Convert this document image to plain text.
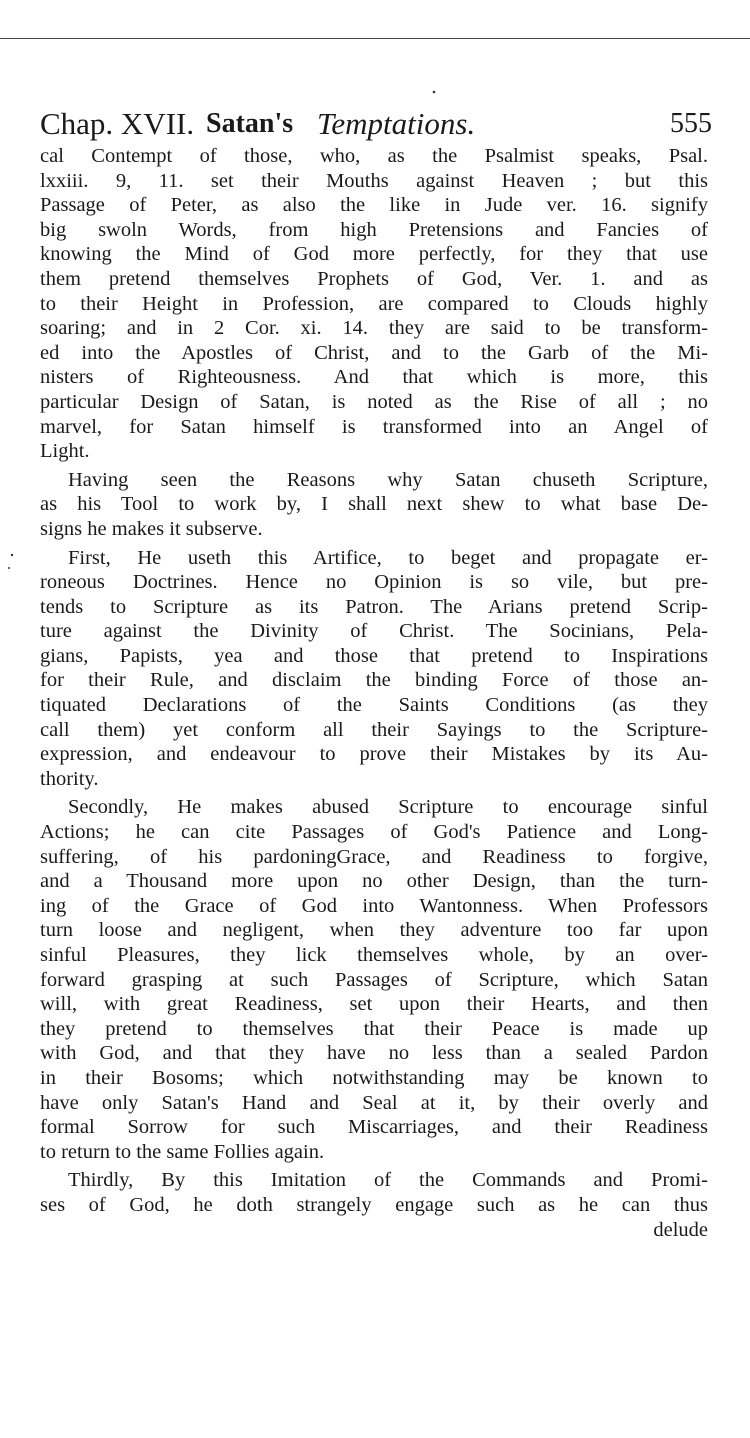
Chap. XVII. Satan's Temptations.	555
cal Contempt of those, who, as the Psalmist speaks, Psal.
lxxiii. 9, 11. set their Mouths against Heaven ; but this
Passage of Peter, as also the like in Jude ver. 16. signify
big swoln Words, from high Pretensions and Fancies of
knowing the Mind of God more perfectly, for they that use
them pretend themselves Prophets of God, Ver. 1. and as
to their Height in Profession, are compared to Clouds highly
soaring; and in 2 Cor. xi. 14. they are said to be transform-
ed into the Apostles of Christ, and to the Garb of the Mi-
nisters of Righteousness. And that which is more, this
particular Design of Satan, is noted as the Rise of all ; no
marvel, for Satan himself is transformed into an Angel of
Light.
Having seen the Reasons why Satan chuseth Scripture,
as his Tool to work by, I shall next shew to what base De-
signs he makes it subserve.
First, He useth this Artifice, to beget and propagate er-
roneous Doctrines. Hence no Opinion is so vile, but pre-
tends to Scripture as its Patron. The Arians pretend Scrip-
ture against the Divinity of Christ. The Socinians, Pela-
gians, Papists, yea and those that pretend to Inspirations
for their Rule, and disclaim the binding Force of those an-
tiquated Declarations of the Saints Conditions (as they
call them) yet conform all their Sayings to the Scripture-
expression, and endeavour to prove their Mistakes by its Au-
thority.
Secondly, He makes abused Scripture to encourage sinful
Actions; he can cite Passages of God's Patience and Long-
suffering, of his pardoningGrace, and Readiness to forgive,
and a Thousand more upon no other Design, than the turn-
ing of the Grace of God into Wantonness. When Professors
turn loose and negligent, when they adventure too far upon
sinful Pleasures, they lick themselves whole, by an over-
forward grasping at such Passages of Scripture, which Satan
will, with great Readiness, set upon their Hearts, and then
they pretend to themselves that their Peace is made up
with God, and that they have no less than a sealed Pardon
in their Bosoms; which notwithstanding may be known to
have only Satan's Hand and Seal at it, by their overly and
formal Sorrow for such Miscarriages, and their Readiness
to return to the same Follies again.
Thirdly, By this Imitation of the Commands and Promi-
ses of God, he doth strangely engage such as he can thus
delude
